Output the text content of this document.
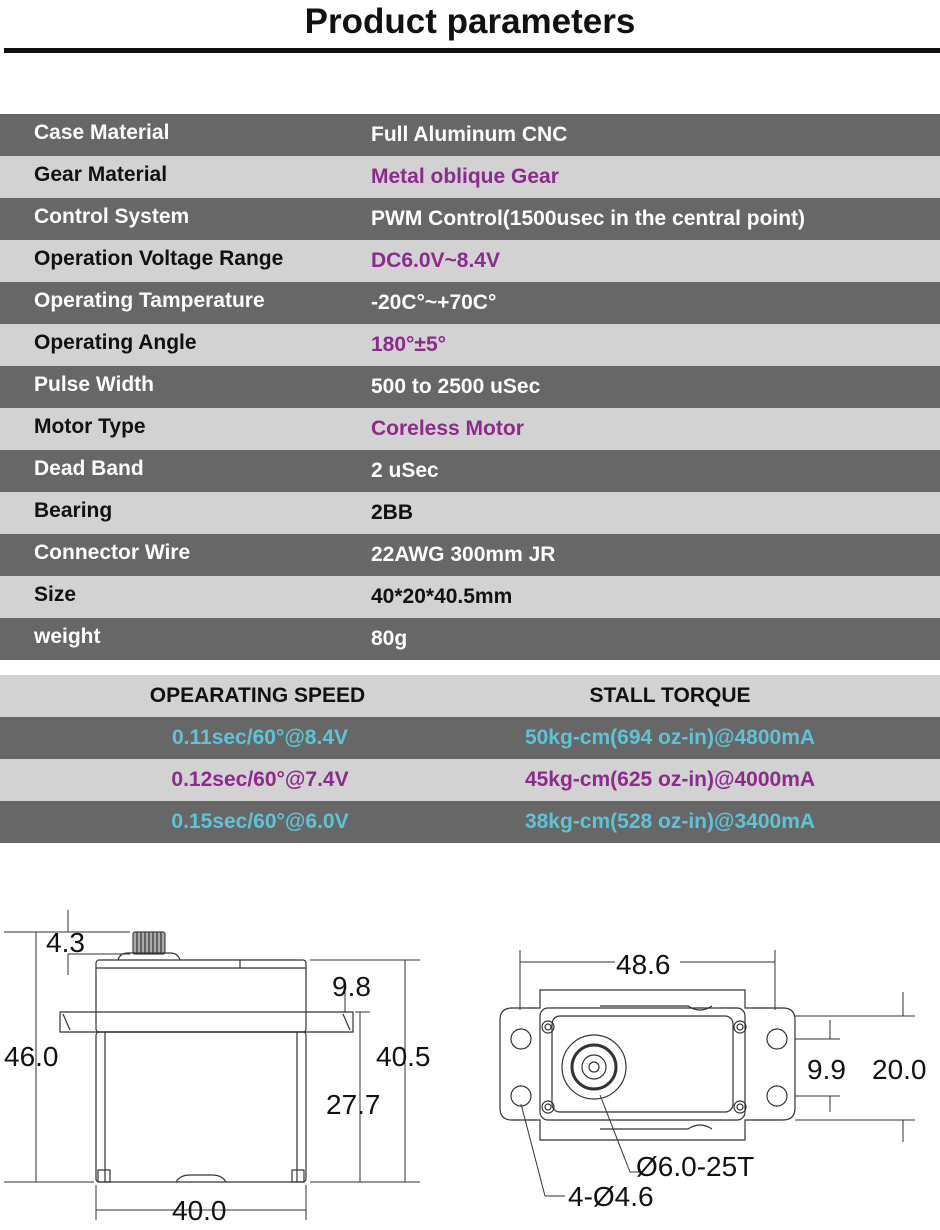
Product parameters
Case Material	Full Aluminum CNC
Gear Material	Metal oblique Gear
Control System	PWM Control(1500usec in the central point)
Operation Voltage Range	DC6.0V~8.4V
Operating Tamperature	-20C°~+70C°
Operating Angle	180°±5°
Pulse Width	500 to 2500 uSec
Motor Type	Coreless Motor
Dead Band	2 uSec
Bearing	2BB
Connector Wire	22AWG 300mm JR
Size	40*20*40.5mm
weight	80g
OPEARATING SPEED	STALL TORQUE
0.11sec/60°@8.4V	50kg-cm(694 oz-in)@4800mA
0.12sec/60°@7.4V	45kg-cm(625 oz-in)@4000mA
0.15sec/60°@6.0V	38kg-cm(528 oz-in)@3400mA
4.3
46.0
9.8
40.5
27.7
40.0
48.6
9.9 20.0
Ø6.0-25T
4-Ø4.6
